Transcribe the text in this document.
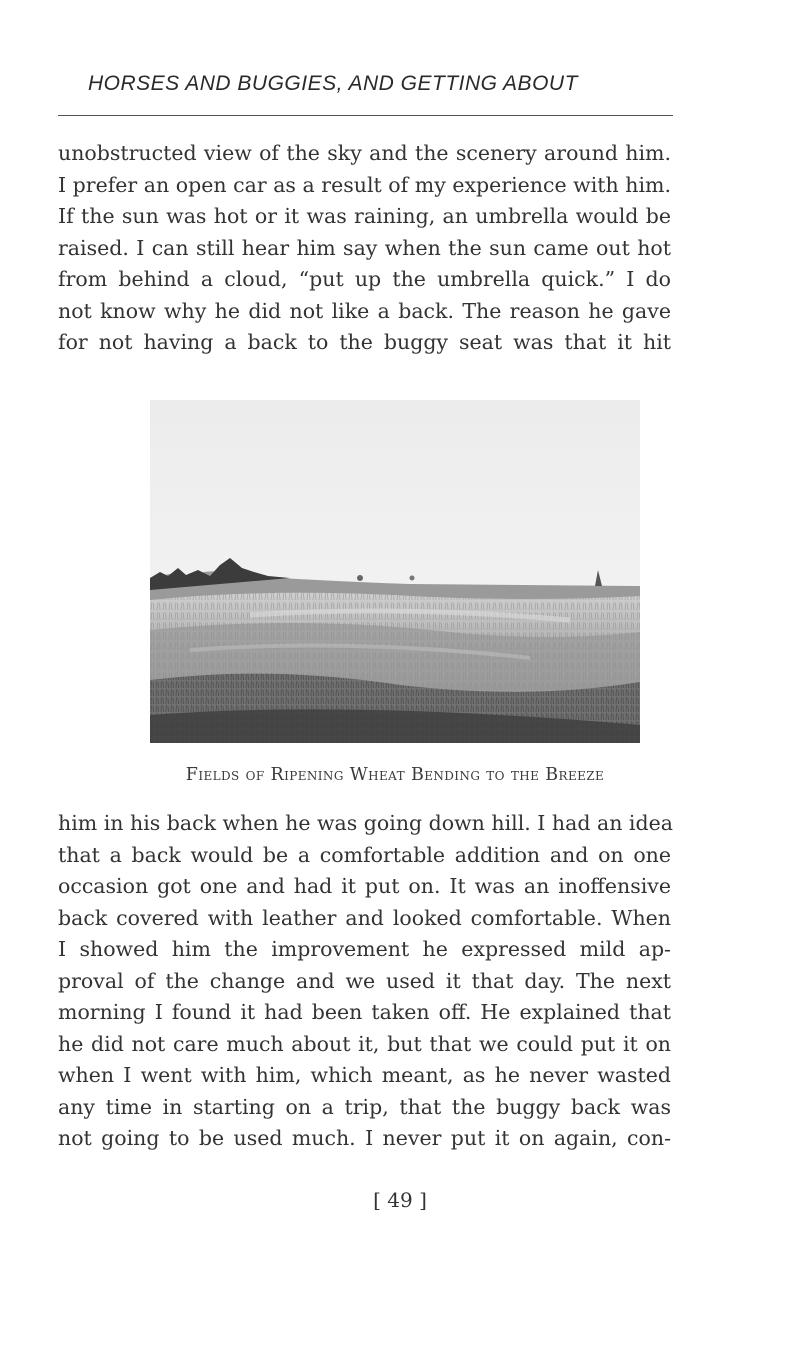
HORSES AND BUGGIES, AND GETTING ABOUT

unobstructed view of the sky and the scenery around him.
I prefer an open car as a result of my experience with him.
If the sun was hot or it was raining, an umbrella would be
raised. I can still hear him say when the sun came out hot
from behind a cloud, “put up the umbrella quick.” I do
not know why he did not like a back. The reason he gave
for not having a back to the buggy seat was that it hit

Fields of Ripening Wheat Bending to the Breeze

him in his back when he was going down hill. I had an idea
that a back would be a comfortable addition and on one
occasion got one and had it put on. It was an inoffensive
back covered with leather and looked comfortable. When
I showed him the improvement he expressed mild ap-
proval of the change and we used it that day. The next
morning I found it had been taken off. He explained that
he did not care much about it, but that we could put it on
when I went with him, which meant, as he never wasted
any time in starting on a trip, that the buggy back was
not going to be used much. I never put it on again, con-

[ 49 ]
